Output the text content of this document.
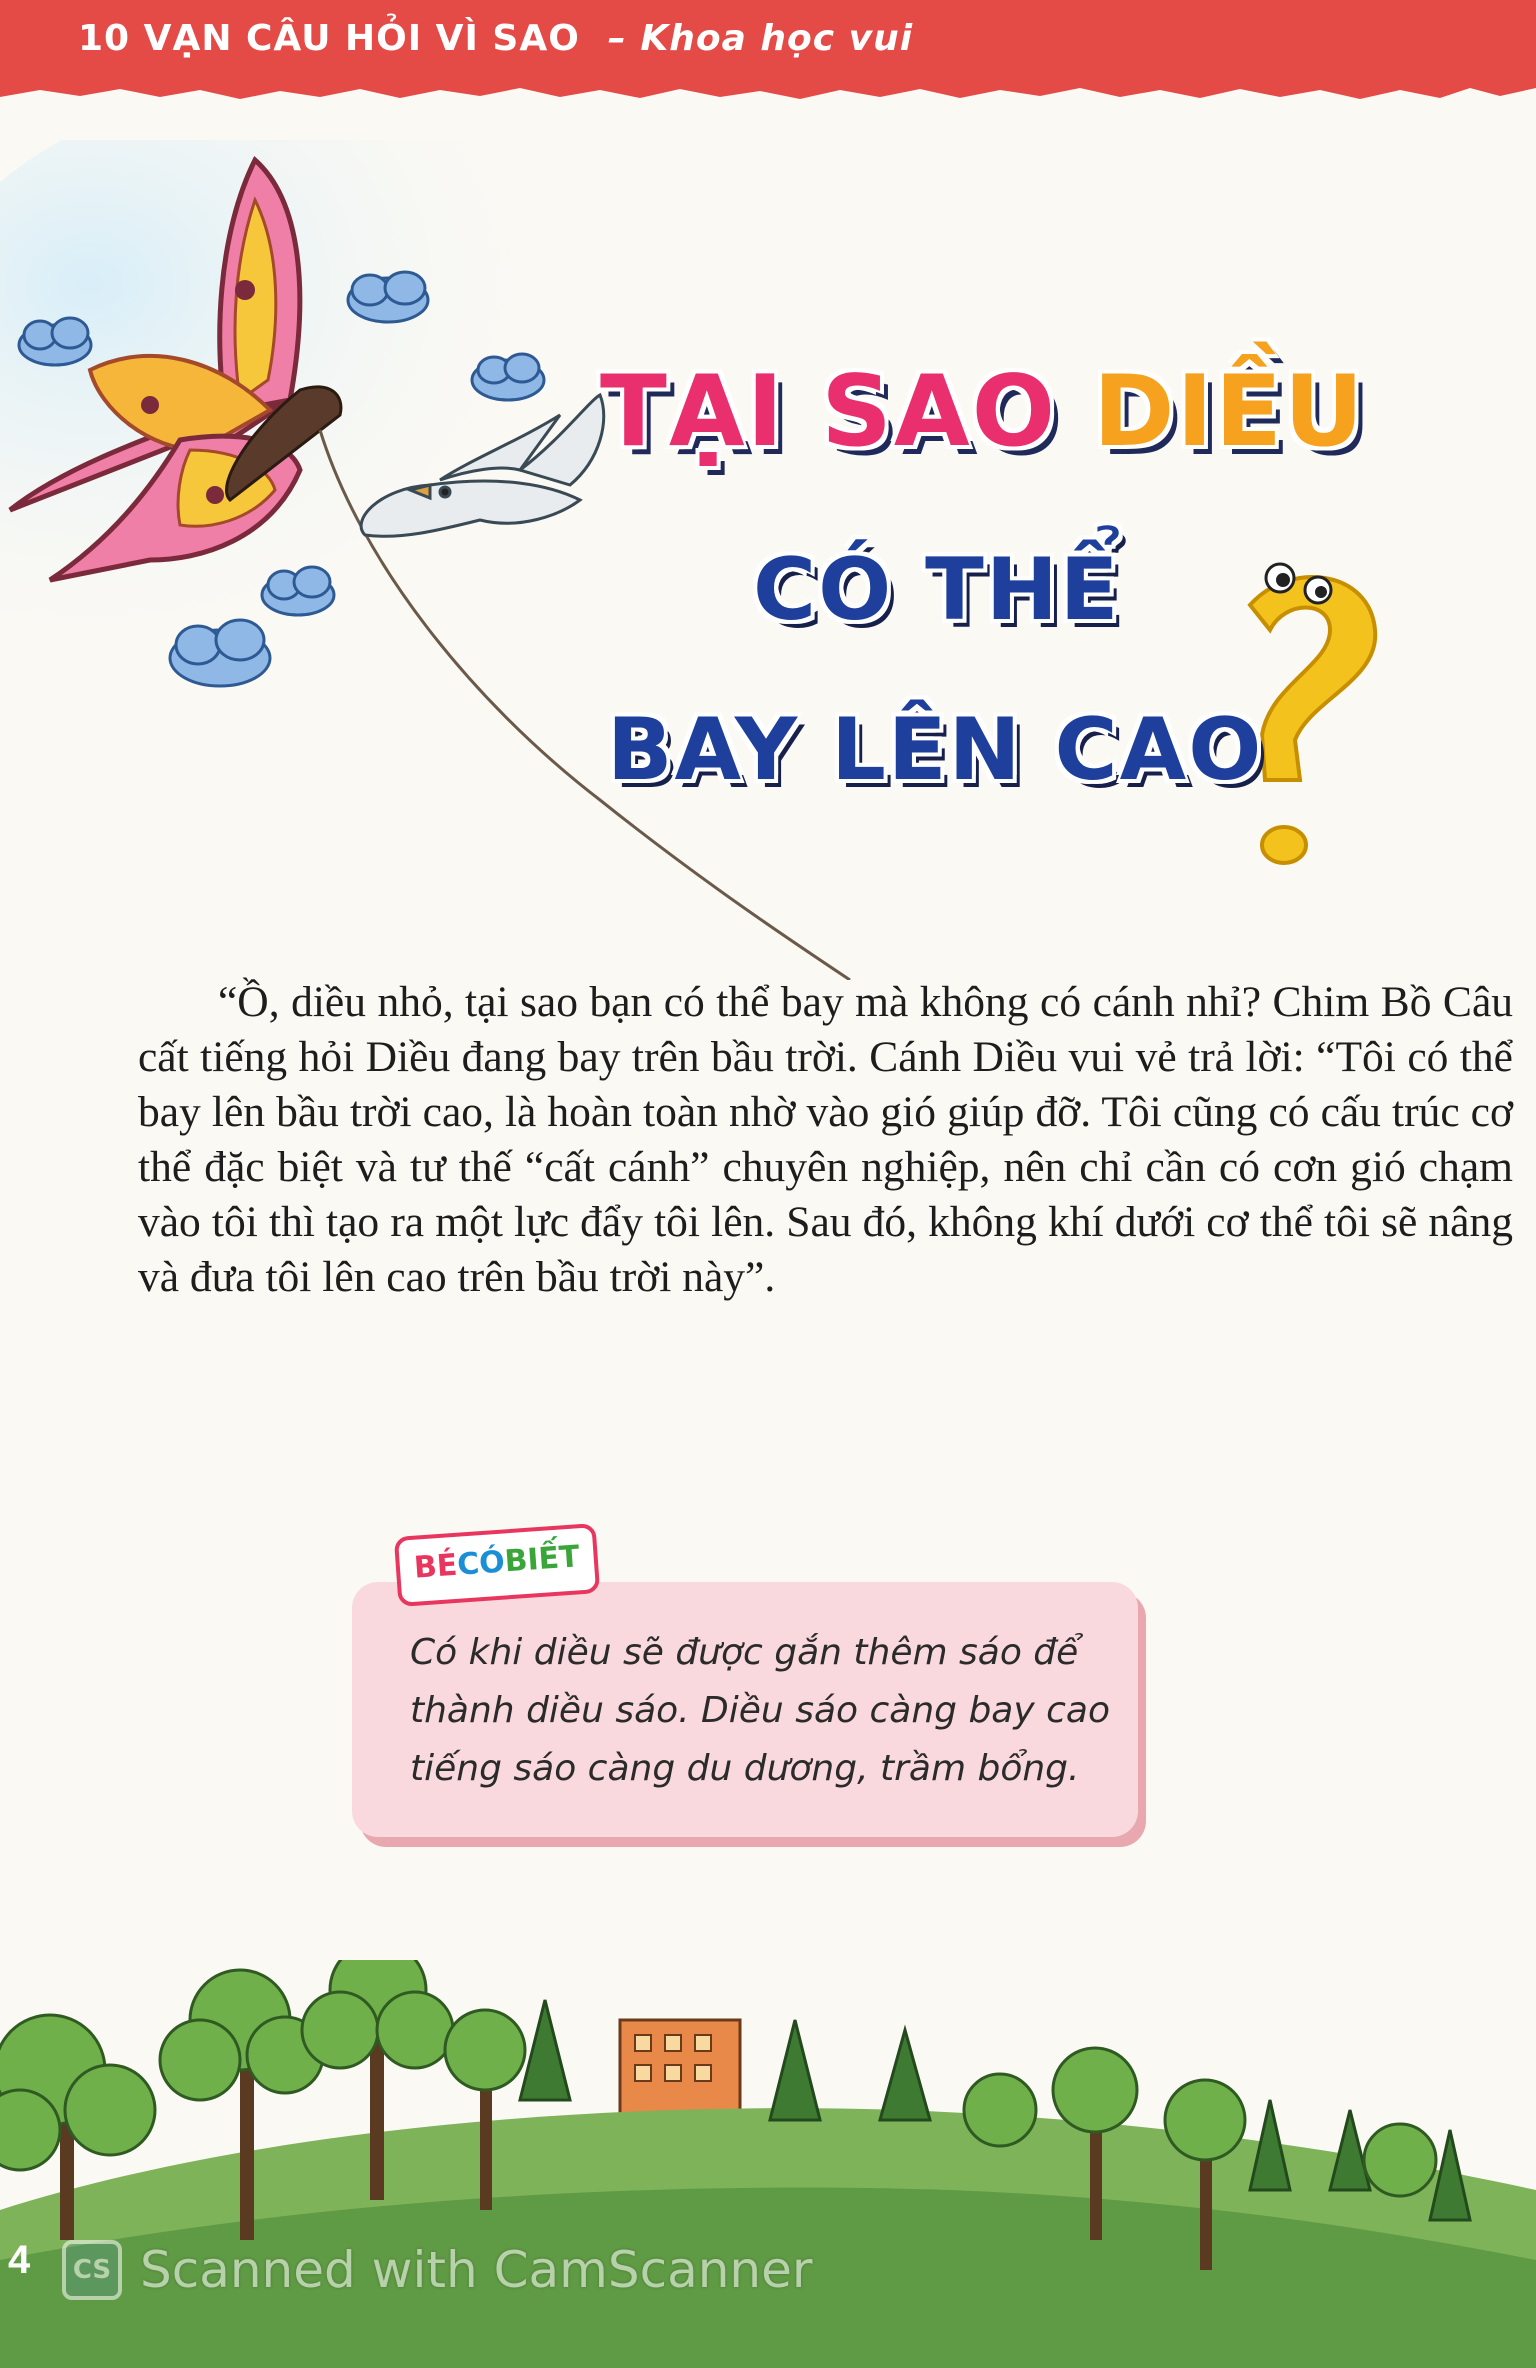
10 VẠN CÂU HỎI VÌ SAO – Khoa học vui
TẠI SAO DIỀU
CÓ THỂ
BAY LÊN CAO

“Ồ, diều nhỏ, tại sao bạn có thể bay mà không có cánh nhỉ? Chim Bồ Câu cất tiếng hỏi Diều đang bay trên bầu trời. Cánh Diều vui vẻ trả lời: “Tôi có thể bay lên bầu trời cao, là hoàn toàn nhờ vào gió giúp đỡ. Tôi cũng có cấu trúc cơ thể đặc biệt và tư thế “cất cánh” chuyên nghiệp, nên chỉ cần có cơn gió chạm vào tôi thì tạo ra một lực đẩy tôi lên. Sau đó, không khí dưới cơ thể tôi sẽ nâng và đưa tôi lên cao trên bầu trời này”.

Có khi diều sẽ được gắn thêm sáo để thành diều sáo. Diều sáo càng bay cao tiếng sáo càng du dương, trầm bổng.

BÉCÓBIẾT
4	CS Scanned with CamScanner
